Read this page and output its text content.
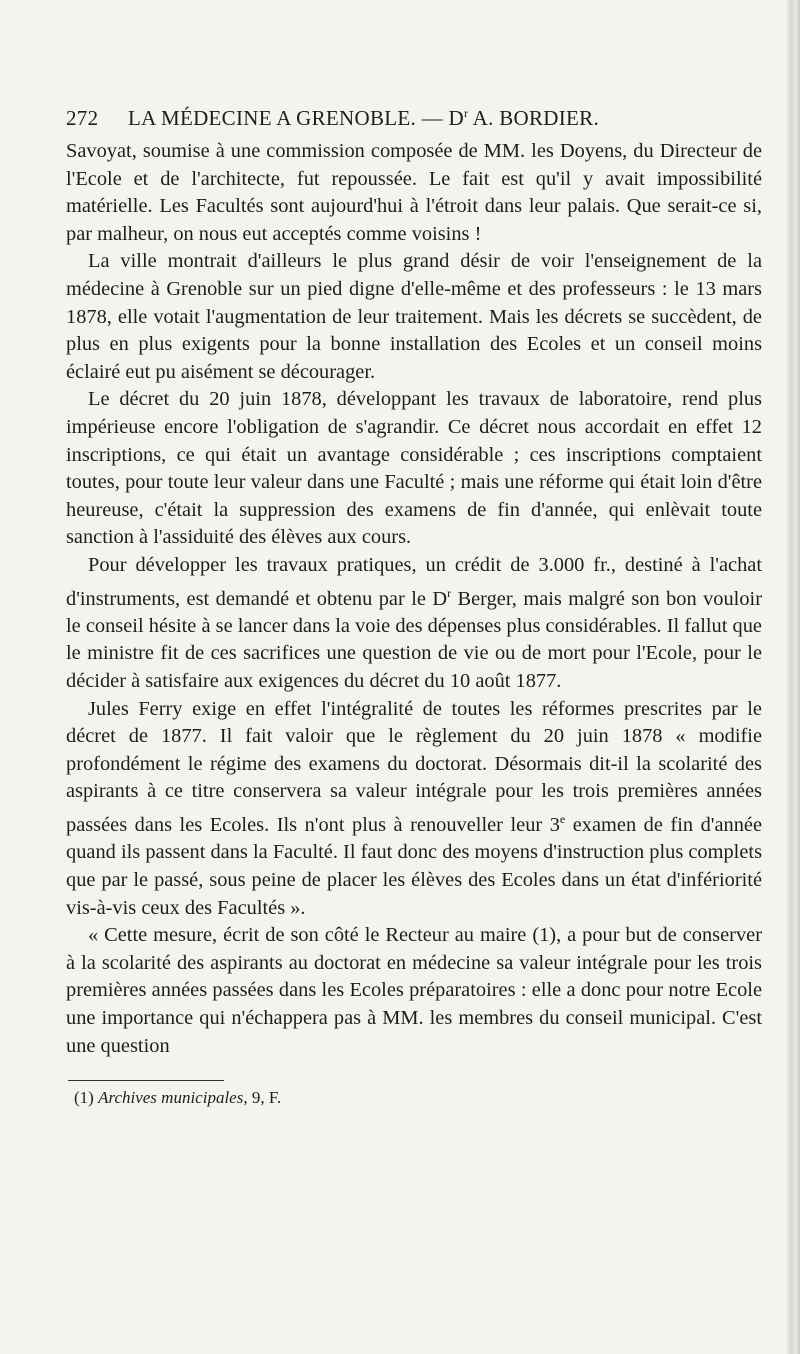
272	LA MÉDECINE A GRENOBLE. — $D^r$ A. BORDIER.

Savoyat, soumise à une commission composée de MM. les Doyens, du Directeur de l'Ecole et de l'architecte, fut repoussée. Le fait est qu'il y avait impossibilité matérielle. Les Facultés sont aujourd'hui à l'étroit dans leur palais. Que serait-ce si, par malheur, on nous eut acceptés comme voisins !

La ville montrait d'ailleurs le plus grand désir de voir l'enseignement de la médecine à Grenoble sur un pied digne d'elle-même et des professeurs : le 13 mars 1878, elle votait l'augmentation de leur traitement. Mais les décrets se succèdent, de plus en plus exigents pour la bonne installation des Ecoles et un conseil moins éclairé eut pu aisément se décourager.

Le décret du 20 juin 1878, développant les travaux de laboratoire, rend plus impérieuse encore l'obligation de s'agrandir. Ce décret nous accordait en effet 12 inscriptions, ce qui était un avantage considérable ; ces inscriptions comptaient toutes, pour toute leur valeur dans une Faculté ; mais une réforme qui était loin d'être heureuse, c'était la suppression des examens de fin d'année, qui enlèvait toute sanction à l'assiduité des élèves aux cours.

Pour développer les travaux pratiques, un crédit de 3.000 fr., destiné à l'achat d'instruments, est demandé et obtenu par le $D^r$ Berger, mais malgré son bon vouloir le conseil hésite à se lancer dans la voie des dépenses plus considérables. Il fallut que le ministre fit de ces sacrifices une question de vie ou de mort pour l'Ecole, pour le décider à satisfaire aux exigences du décret du 10 août 1877.

Jules Ferry exige en effet l'intégralité de toutes les réformes prescrites par le décret de 1877. Il fait valoir que le règlement du 20 juin 1878 « modifie profondément le régime des examens du doctorat. Désormais dit-il la scolarité des aspirants à ce titre conservera sa valeur intégrale pour les trois premières années passées dans les Ecoles. Ils n'ont plus à renouveller leur 3e examen de fin d'année quand ils passent dans la Faculté. Il faut donc des moyens d'instruction plus complets que par le passé, sous peine de placer les élèves des Ecoles dans un état d'infériorité vis-à-vis ceux des Facultés ».

« Cette mesure, écrit de son côté le Recteur au maire (1), a pour but de conserver à la scolarité des aspirants au doctorat en médecine sa valeur intégrale pour les trois premières années passées dans les Ecoles préparatoires : elle a donc pour notre Ecole une importance qui n'échappera pas à MM. les membres du conseil municipal. C'est une question

(1) Archives municipales, 9, F.
